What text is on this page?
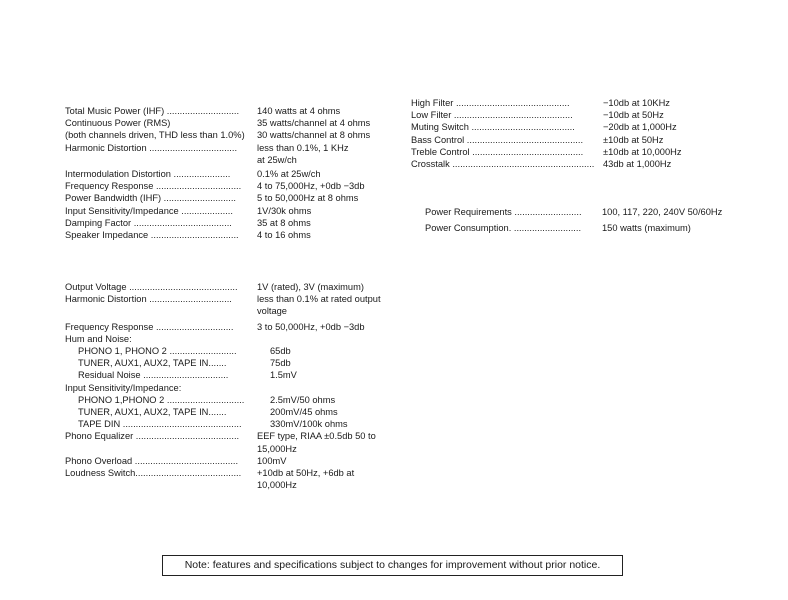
Total Music Power (IHF) ............................	140 watts at 4 ohms
Continuous Power (RMS)	35 watts/channel at 4 ohms
(both channels driven, THD less than 1.0%)	30 watts/channel at 8 ohms
Harmonic Distortion ..................................	less than 0.1%, 1 KHz
at 25w/ch
Intermodulation Distortion ......................	0.1% at 25w/ch
Frequency Response .................................	4 to 75,000Hz, +0db −3db
Power Bandwidth (IHF) ............................	5 to 50,000Hz at 8 ohms
Input Sensitivity/Impedance ....................	1V/30k ohms
Damping Factor ......................................	35 at 8 ohms
Speaker Impedance ..................................	4 to 16 ohms
High Filter ............................................	−10db at 10KHz
Low Filter ..............................................	−10db at 50Hz
Muting Switch ........................................	−20db at 1,000Hz
Bass Control .............................................	±10db at 50Hz
Treble Control ...........................................	±10db at 10,000Hz
Crosstalk ....................................................... 43db at 1,000Hz
Power Requirements ..........................	100, 117, 220, 240V 50/60Hz
Power Consumption. ..........................	150 watts (maximum)
Output Voltage ..........................................	1V (rated), 3V (maximum)
Harmonic Distortion ................................	less than 0.1% at rated output
voltage
Frequency Response ..............................	3 to 50,000Hz, +0db −3db
Hum and Noise:
PHONO 1, PHONO 2 ..........................	65db
TUNER, AUX1, AUX2, TAPE IN.......	75db
Residual Noise .................................	1.5mV
Input Sensitivity/Impedance:
PHONO 1,PHONO 2 ..............................	2.5mV/50 ohms
TUNER, AUX1, AUX2, TAPE IN.......	200mV/45 ohms
TAPE DIN ..............................................	330mV/100k ohms
Phono Equalizer ........................................	EEF type, RIAA ±0.5db 50 to
15,000Hz
Phono Overload ........................................	100mV
Loudness Switch.........................................	+10db at 50Hz, +6db at
10,000Hz
Note: features and specifications subject to changes for improvement without prior notice.
